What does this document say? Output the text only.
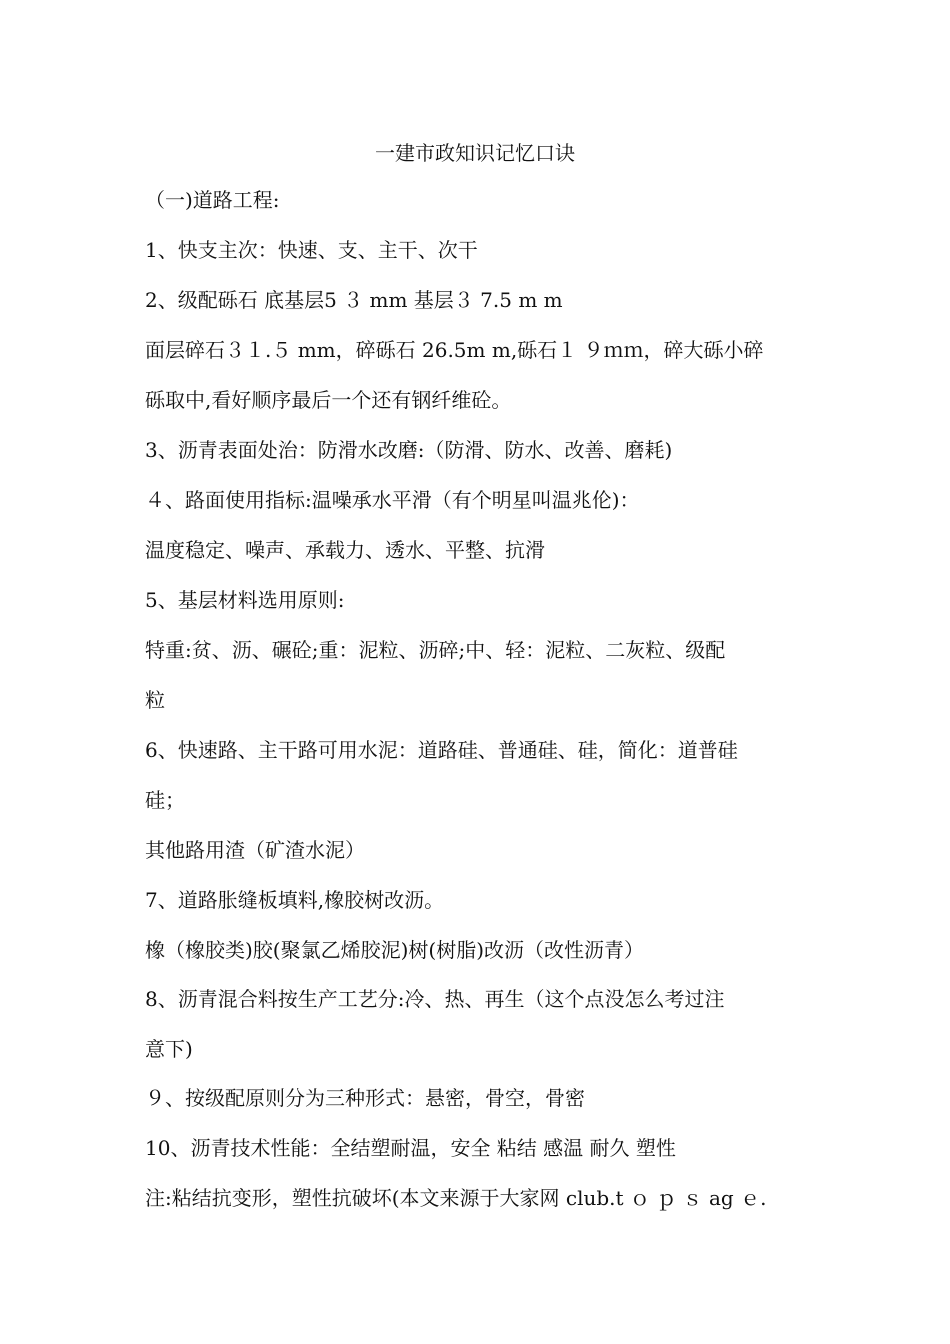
一建市政知识记忆口诀
（一)道路工程:
1、快支主次：快速、支、主干、次干
2、级配砾石 底基层5 ３ mm 基层３ 7.5 m m
面层碎石３１.５ mm，碎砾石 26.5m m,砾石１ ９ｍｍ，碎大砾小碎
砾取中,看好顺序最后一个还有钢纤维砼。
3、沥青表面处治：防滑水改磨:（防滑、防水、改善、磨耗)
４、路面使用指标:温噪承水平滑（有个明星叫温兆伦)：
温度稳定、噪声、承载力、透水、平整、抗滑
5、基层材料选用原则:
特重:贫、沥、碾砼;重：泥粒、沥碎;中、轻：泥粒、二灰粒、级配
粒
6、快速路、主干路可用水泥：道路硅、普通硅、硅，简化：道普硅
硅；
其他路用渣（矿渣水泥）
7、道路胀缝板填料,橡胶树改沥。
橡（橡胶类)胶(聚氯乙烯胶泥)树(树脂)改沥（改性沥青）
8、沥青混合料按生产工艺分:冷、热、再生（这个点没怎么考过注
意下)
９、按级配原则分为三种形式：悬密，骨空，骨密
10、沥青技术性能：全结塑耐温，安全 粘结 感温 耐久 塑性
注:粘结抗变形，塑性抗破坏(本文来源于大家网 club.t ｏ ｐ ｓ ag ｅ.
